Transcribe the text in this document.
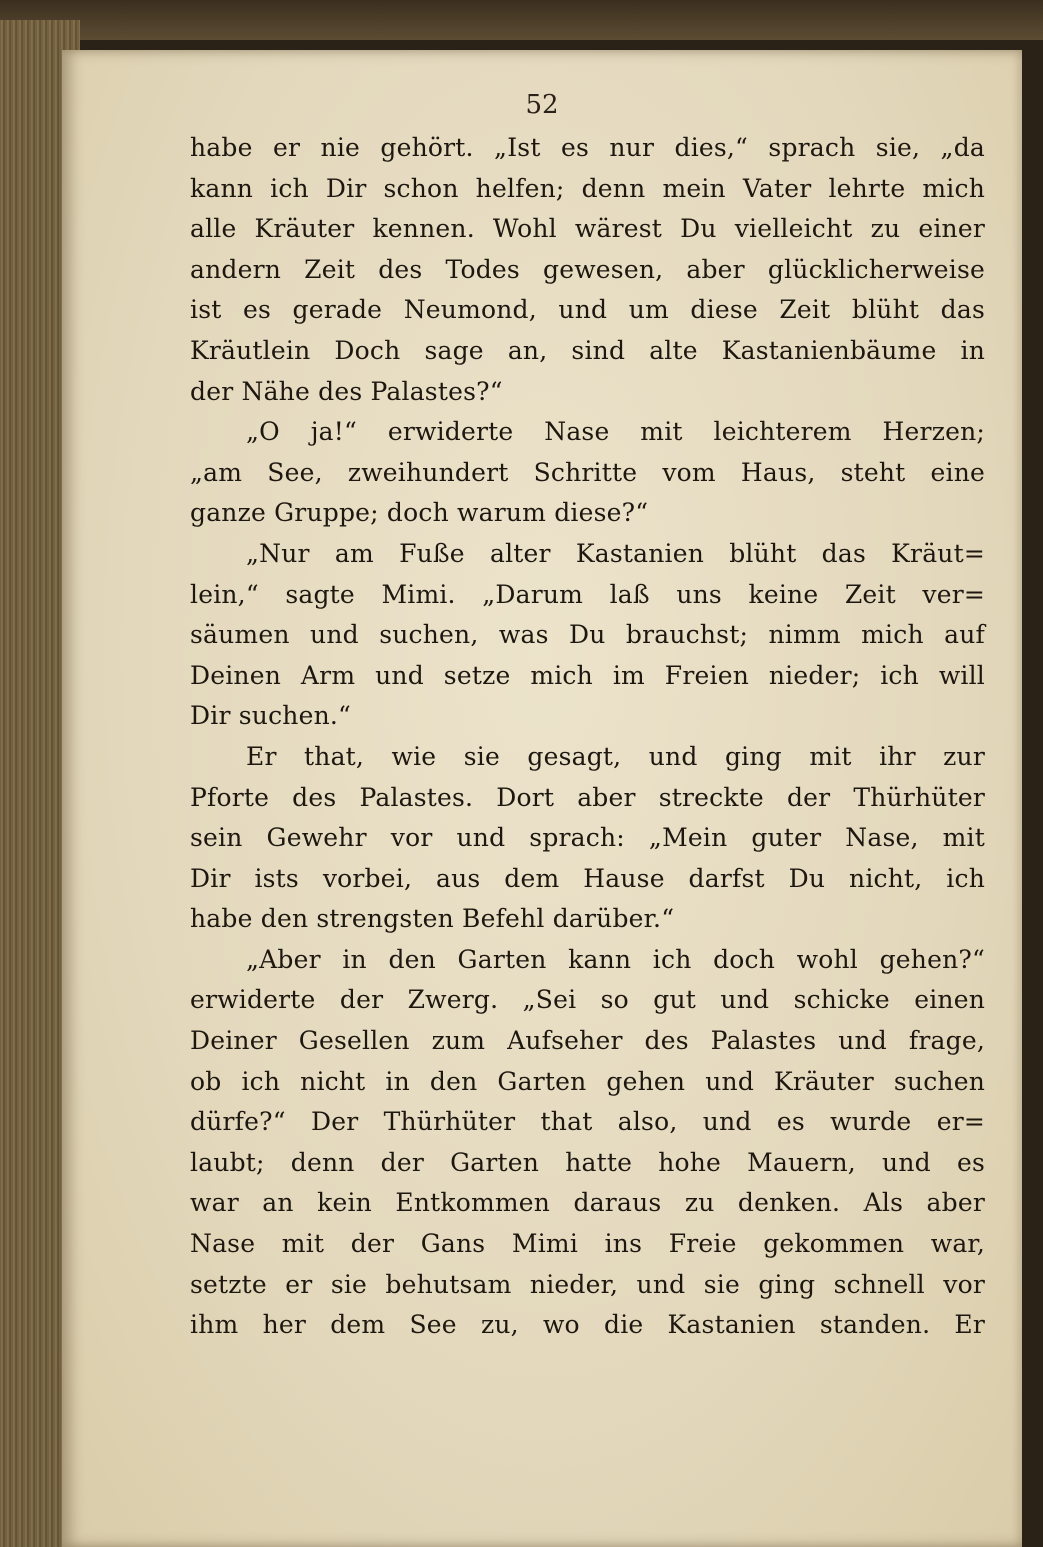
52
habe er nie gehört. „Ist es nur dies,“ sprach sie, „da
kann ich Dir schon helfen; denn mein Vater lehrte mich
alle Kräuter kennen. Wohl wärest Du vielleicht zu einer
andern Zeit des Todes gewesen, aber glücklicherweise
ist es gerade Neumond, und um diese Zeit blüht das
Kräutlein Doch sage an, sind alte Kastanienbäume in
der Nähe des Palastes?“
„O ja!“ erwiderte Nase mit leichterem Herzen;
„am See, zweihundert Schritte vom Haus, steht eine
ganze Gruppe; doch warum diese?“
„Nur am Fuße alter Kastanien blüht das Kräut=
lein,“ sagte Mimi. „Darum laß uns keine Zeit ver=
säumen und suchen, was Du brauchst; nimm mich auf
Deinen Arm und setze mich im Freien nieder; ich will
Dir suchen.“
Er that, wie sie gesagt, und ging mit ihr zur
Pforte des Palastes. Dort aber streckte der Thürhüter
sein Gewehr vor und sprach: „Mein guter Nase, mit
Dir ists vorbei, aus dem Hause darfst Du nicht, ich
habe den strengsten Befehl darüber.“
„Aber in den Garten kann ich doch wohl gehen?“
erwiderte der Zwerg. „Sei so gut und schicke einen
Deiner Gesellen zum Aufseher des Palastes und frage,
ob ich nicht in den Garten gehen und Kräuter suchen
dürfe?“ Der Thürhüter that also, und es wurde er=
laubt; denn der Garten hatte hohe Mauern, und es
war an kein Entkommen daraus zu denken. Als aber
Nase mit der Gans Mimi ins Freie gekommen war,
setzte er sie behutsam nieder, und sie ging schnell vor
ihm her dem See zu, wo die Kastanien standen. Er
